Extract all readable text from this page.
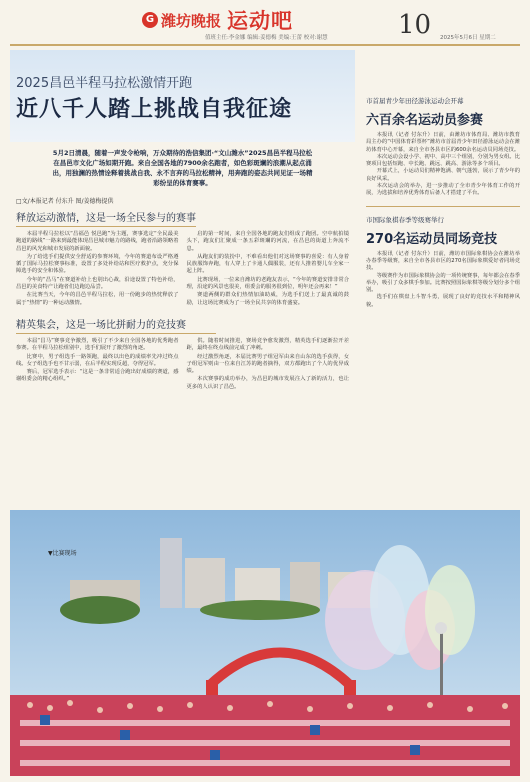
G 潍坊晚报 运动吧
值班主任:李金娜 编辑:姜德梅 美编:王蕾 校对:谢慧	10 2025年5月6日 星期二
2025昌邑半程马拉松激情开跑
近八千人踏上挑战自我征途
5月2日清晨，随着一声发令枪响，万众期待的浩信集团·“文山潍水”2025昌邑半程马拉松在昌邑市文化广场如期开跑。来自全国各地的7900余名跑者，如色彩斑斓的浪潮从起点涌出，用独澜的热情诠释着挑战自我、永不言弃的马拉松精神，用奔跑的姿态共同见证一场精彩纷呈的体育赛事。
□文/本报记者 付东升 图/姜德梅提供
释放运动激情，这是一场全民参与的赛事

本届半程马拉松以“昌福邑 悦邑跑”为主题，赛事选定“全民最美跑道的路线”一路来到最能体现昌邑城市魅力的路线，跑者沿路领略着昌邑的风光和城市发展的新面貌。

为了给选手们提供安全舒适的参赛环境，今年的赛道布设严格遵循了国际马拉松赛事标准，设置了多处补给站和医疗救护点，充分保障选手的安全和体验。

今年的“昌马”在赛道补给上也别出心裁，沿途设置了特色补给，昌邑的美食特产让跑者们边跑边品尝。

在比赛当天，今年的昌邑半程马拉松，用一份跑步的热忱释放了属于“热情”的一种运动激情。

启的第一时间，来自全国各地的跑友们组成了跑团。空中航拍镜头下，跑友们汇聚成一条五彩斑斓的河流，在昌邑的街道上奔流不息。

从跑友们的装扮中，不难看出他们对这场赛事的喜爱：有人身着民族服饰奔跑，有人穿上了卡通人偶服装，还有人推着婴儿车全家一起上阵。

比赛现场，一位来自潍坊的老跑友表示，“今年的赛道安排非常合理，沿途的风景也很美，组委会的服务很到位，明年还会再来！”

赛道两侧的群众们热情加油助威，为选手们送上了最真诚的鼓励，让这场比赛成为了一场全民共享的体育盛宴。

精英集会，这是一场比拼耐力的竞技赛

本届“昌马”赛事竞争激烈，吸引了不少来自全国各地的优秀跑者参赛。在半程马拉松组别中，选手们展开了激烈的角逐。

比赛中，男子组选手一路领跑，最终以出色的成绩率先冲过终点线。女子组选手也不甘示弱，在后半程实现反超，夺得冠军。

赛后，冠军选手表示：“这是一条非常适合跑出好成绩的赛道，感谢组委会的精心组织。”

供。随着时间推进，赛场竞争愈发激烈，精英选手们逐渐拉开差距，最终在终点线前完成了冲刺。

经过激烈角逐，本届比赛男子组冠军由来自山东的选手获得，女子组冠军则由一位来自江苏的跑者摘得，双方都跑出了个人的优异成绩。

本次赛事的成功举办，为昌邑的城市发展注入了新的活力，也让更多的人认识了昌邑。

市首届青少年田径游泳运动会开幕
六百余名运动员参赛

本报讯（记者 付东升）日前，由潍坊市体育局、潍坊市教育局主办的“中国体育彩票杯”潍坊市首届青少年田径游泳运动会在潍坊体育中心开幕，来自全市各县市区的600余名运动员同场竞技。

本次运动会设小学、初中、高中三个组别，分别为男女组。比赛项目包括短跑、中长跑、跳远、跳高、游泳等多个项目。

开幕式上，小运动员们精神饱满、朝气蓬勃，展示了青少年的良好风采。

本次运动会的举办，进一步推动了全市青少年体育工作的开展，为选拔和培养优秀体育后备人才搭建了平台。

市国际象棋春季等级赛举行
270名运动员同场竞技

本报讯（记者 付东升）日前，潍坊市国际象棋协会在潍坊举办春季等级赛，来自全市各县市区的270名国际象棋爱好者同场竞技。

等级赛作为市国际象棋协会的一项传统赛事，每年都会在春季举办，吸引了众多棋手参加。比赛按照国际象棋等级分划分多个组别。

选手们在棋盘上斗智斗勇，展现了良好的竞技水平和精神风貌。

▼比赛现场
